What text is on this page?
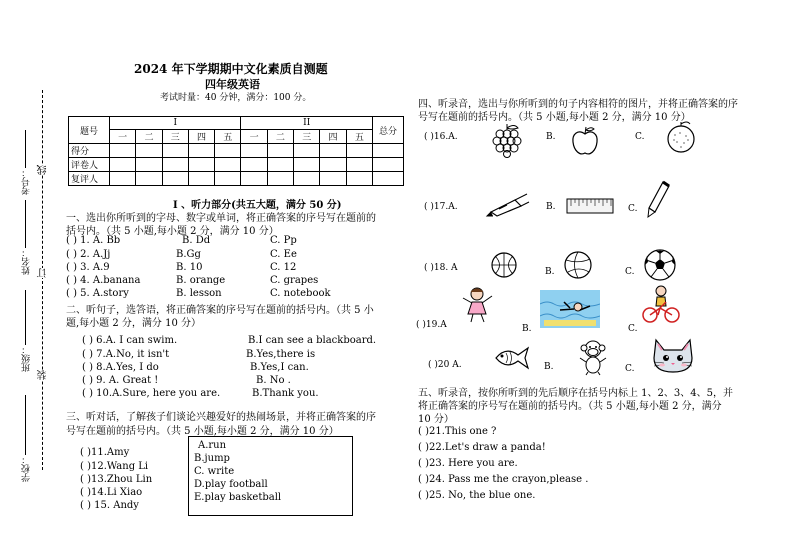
考号：
姓名：
班级：
学校：
线
订
装
2024 年下学期期中文化素质自测题
四年级英语
考试时量：40 分钟，满分：100 分。
题号	I					II					总分
	一	二	三	四	五	一	二	三	四	五	
得分											
评卷人											
复评人											
I 、听力部分(共五大题，满分 50 分)
一、选出你所听到的字母、数字或单词，将正确答案的序号写在题前的
括号内。（共 5 小题,每小题 2 分，满分 10 分）
( ) 1. A. Bb	B. Dd	C. Pp
( ) 2. A.Jj	B.Gg	C. Ee
( ) 3. A.9	B. 10	C. 12
( ) 4. A.banana	B. orange	C. grapes
( ) 5. A.story	B. lesson	C. notebook
二、听句子，选答语，将正确答案的序号写在题前的括号内。（共 5 小
题,每小题 2 分，满分 10 分）
( ) 6.A. I can swim.	B.I can see a blackboard.
( ) 7.A.No, it isn't	B.Yes,there is
( ) 8.A.Yes, I do	B.Yes,I can.
( ) 9. A. Great !	B. No .
( ) 10.A.Sure, here you are.	B.Thank you.
三、听对话，了解孩子们谈论兴趣爱好的热闹场景，并将正确答案的序
号写在题前的括号内。（共 5 小题,每小题 2 分，满分 10 分）
( )11.Amy
( )12.Wang Li
( )13.Zhou Lin
( )14.Li Xiao
( ) 15. Andy
A.run
B.jump
C. write
D.play football
E.play basketball
四、听录音，选出与你所听到的句子内容相符的图片，并将正确答案的序
号写在题前的括号内。（共 5 小题,每小题 2 分，满分 10 分）
( )16.A.	B.	C.
( )17.A.	B.	C.
( )18. A	B.	C.
( )19.A	B.	C.
( )20 A.	B.	C.
五、听录音，按你所听到的先后顺序在括号内标上 1、2、3、4、5，并
将正确答案的序号写在题前的括号内。（共 5 小题,每小题 2 分，满分
10 分）
( )21.This one ?
( )22.Let's draw a panda!
( )23. Here you are.
( )24. Pass me the crayon,please .
( )25. No, the blue one.
